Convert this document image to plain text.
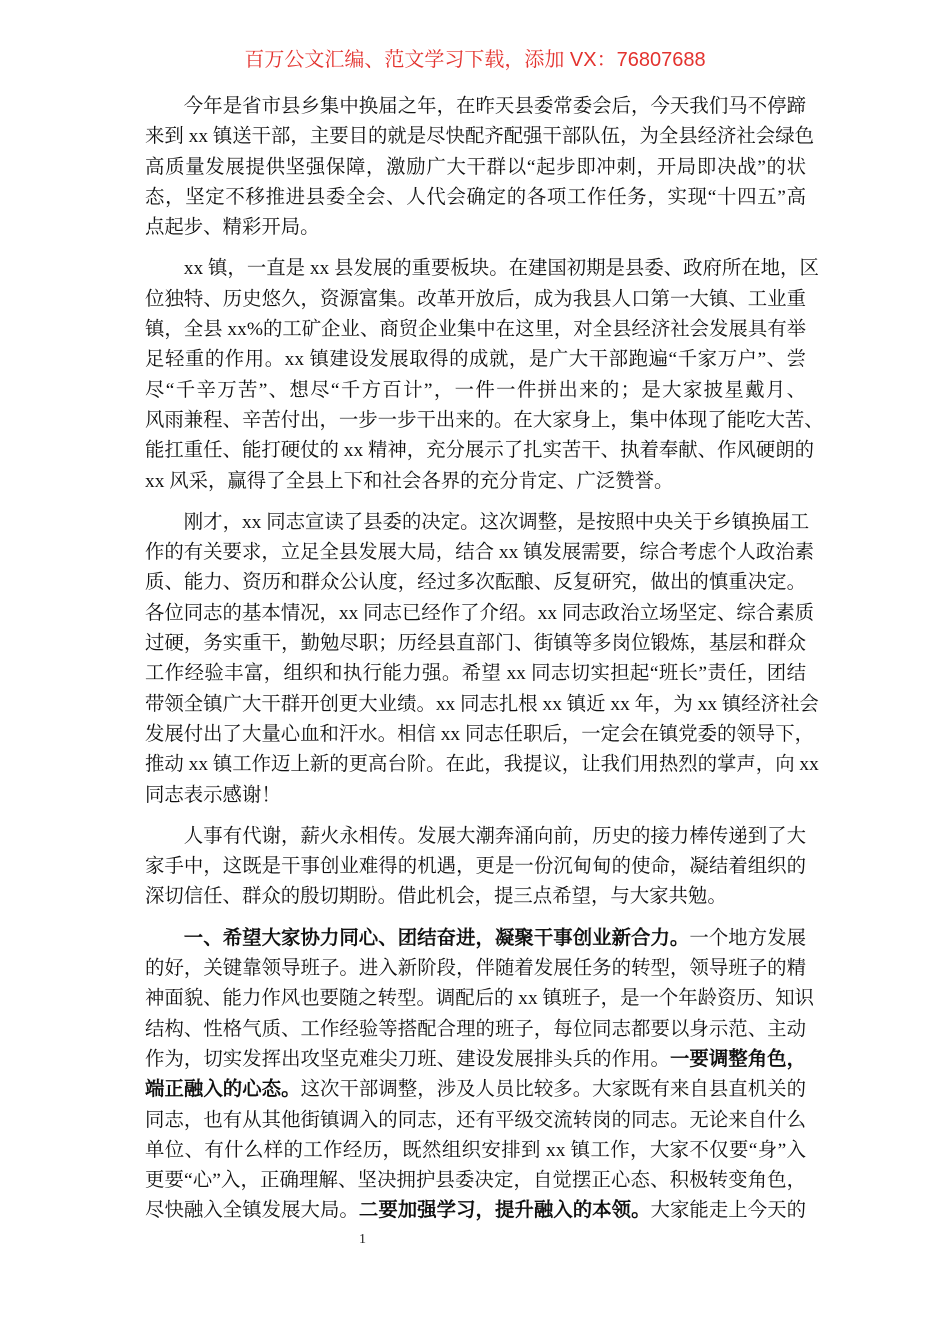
百万公文汇编、范文学习下载，添加 VX：76807688
今年是省市县乡集中换届之年，在昨天县委常委会后，今天我们马不停蹄
来到 xx 镇送干部，主要目的就是尽快配齐配强干部队伍，为全县经济社会绿色
高质量发展提供坚强保障，激励广大干群以“起步即冲刺，开局即决战”的状
态，坚定不移推进县委全会、人代会确定的各项工作任务，实现“十四五”高
点起步、精彩开局。
xx 镇，一直是 xx 县发展的重要板块。在建国初期是县委、政府所在地，区
位独特、历史悠久，资源富集。改革开放后，成为我县人口第一大镇、工业重
镇，全县 xx%的工矿企业、商贸企业集中在这里，对全县经济社会发展具有举
足轻重的作用。xx 镇建设发展取得的成就，是广大干部跑遍“千家万户”、尝
尽“千辛万苦”、想尽“千方百计”，一件一件拼出来的；是大家披星戴月、
风雨兼程、辛苦付出，一步一步干出来的。在大家身上，集中体现了能吃大苦、
能扛重任、能打硬仗的 xx 精神，充分展示了扎实苦干、执着奉献、作风硬朗的
xx 风采，赢得了全县上下和社会各界的充分肯定、广泛赞誉。
刚才，xx 同志宣读了县委的决定。这次调整，是按照中央关于乡镇换届工
作的有关要求，立足全县发展大局，结合 xx 镇发展需要，综合考虑个人政治素
质、能力、资历和群众公认度，经过多次酝酿、反复研究，做出的慎重决定。
各位同志的基本情况，xx 同志已经作了介绍。xx 同志政治立场坚定、综合素质
过硬，务实重干，勤勉尽职；历经县直部门、街镇等多岗位锻炼，基层和群众
工作经验丰富，组织和执行能力强。希望 xx 同志切实担起“班长”责任，团结
带领全镇广大干群开创更大业绩。xx 同志扎根 xx 镇近 xx 年，为 xx 镇经济社会
发展付出了大量心血和汗水。相信 xx 同志任职后，一定会在镇党委的领导下，
推动 xx 镇工作迈上新的更高台阶。在此，我提议，让我们用热烈的掌声，向 xx
同志表示感谢！
人事有代谢，薪火永相传。发展大潮奔涌向前，历史的接力棒传递到了大
家手中，这既是干事创业难得的机遇，更是一份沉甸甸的使命，凝结着组织的
深切信任、群众的殷切期盼。借此机会，提三点希望，与大家共勉。
一、希望大家协力同心、团结奋进，凝聚干事创业新合力。一个地方发展
的好，关键靠领导班子。进入新阶段，伴随着发展任务的转型，领导班子的精
神面貌、能力作风也要随之转型。调配后的 xx 镇班子，是一个年龄资历、知识
结构、性格气质、工作经验等搭配合理的班子，每位同志都要以身示范、主动
作为，切实发挥出攻坚克难尖刀班、建设发展排头兵的作用。一要调整角色，
端正融入的心态。这次干部调整，涉及人员比较多。大家既有来自县直机关的
同志，也有从其他街镇调入的同志，还有平级交流转岗的同志。无论来自什么
单位、有什么样的工作经历，既然组织安排到 xx 镇工作，大家不仅要“身”入
更要“心”入，正确理解、坚决拥护县委决定，自觉摆正心态、积极转变角色，
尽快融入全镇发展大局。二要加强学习，提升融入的本领。大家能走上今天的
1
